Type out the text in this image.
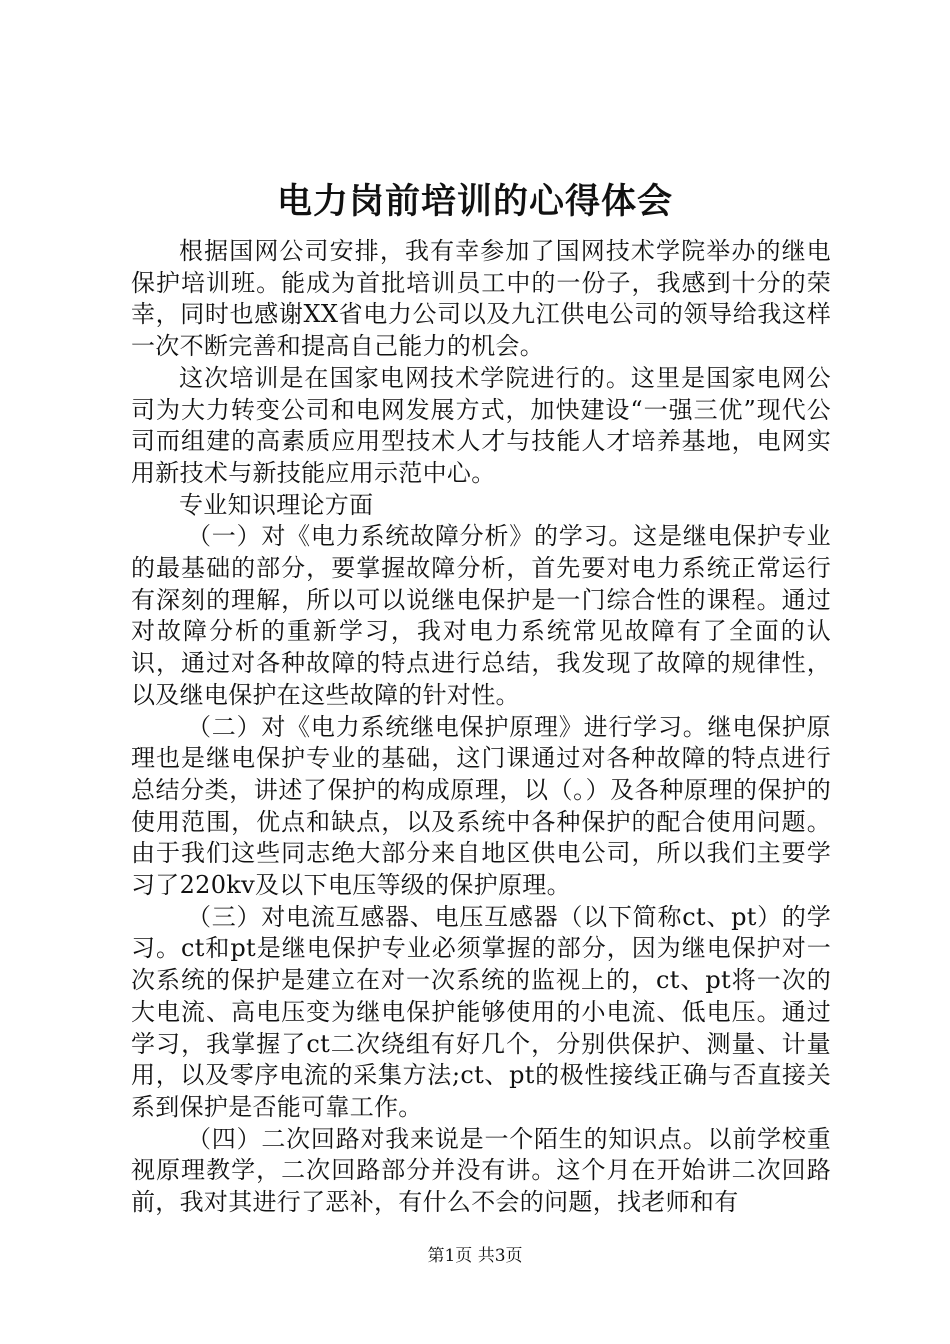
电力岗前培训的心得体会

根据国网公司安排，我有幸参加了国网技术学院举办的继电保护培训班。能成为首批培训员工中的一份子，我感到十分的荣幸，同时也感谢XX省电力公司以及九江供电公司的领导给我这样一次不断完善和提高自己能力的机会。

这次培训是在国家电网技术学院进行的。这里是国家电网公司为大力转变公司和电网发展方式，加快建设“一强三优”现代公司而组建的高素质应用型技术人才与技能人才培养基地，电网实用新技术与新技能应用示范中心。

专业知识理论方面

（一）对《电力系统故障分析》的学习。这是继电保护专业的最基础的部分，要掌握故障分析，首先要对电力系统正常运行有深刻的理解，所以可以说继电保护是一门综合性的课程。通过对故障分析的重新学习，我对电力系统常见故障有了全面的认识，通过对各种故障的特点进行总结，我发现了故障的规律性，以及继电保护在这些故障的针对性。

（二）对《电力系统继电保护原理》进行学习。继电保护原理也是继电保护专业的基础，这门课通过对各种故障的特点进行总结分类，讲述了保护的构成原理，以（。）及各种原理的保护的使用范围，优点和缺点，以及系统中各种保护的配合使用问题。由于我们这些同志绝大部分来自地区供电公司，所以我们主要学习了220kv及以下电压等级的保护原理。

（三）对电流互感器、电压互感器（以下简称ct、pt）的学习。ct和pt是继电保护专业必须掌握的部分，因为继电保护对一次系统的保护是建立在对一次系统的监视上的，ct、pt将一次的大电流、高电压变为继电保护能够使用的小电流、低电压。通过学习，我掌握了ct二次绕组有好几个，分别供保护、测量、计量用，以及零序电流的采集方法;ct、pt的极性接线正确与否直接关系到保护是否能可靠工作。

（四）二次回路对我来说是一个陌生的知识点。以前学校重视原理教学，二次回路部分并没有讲。这个月在开始讲二次回路前，我对其进行了恶补，有什么不会的问题，找老师和有

第1页 共3页
